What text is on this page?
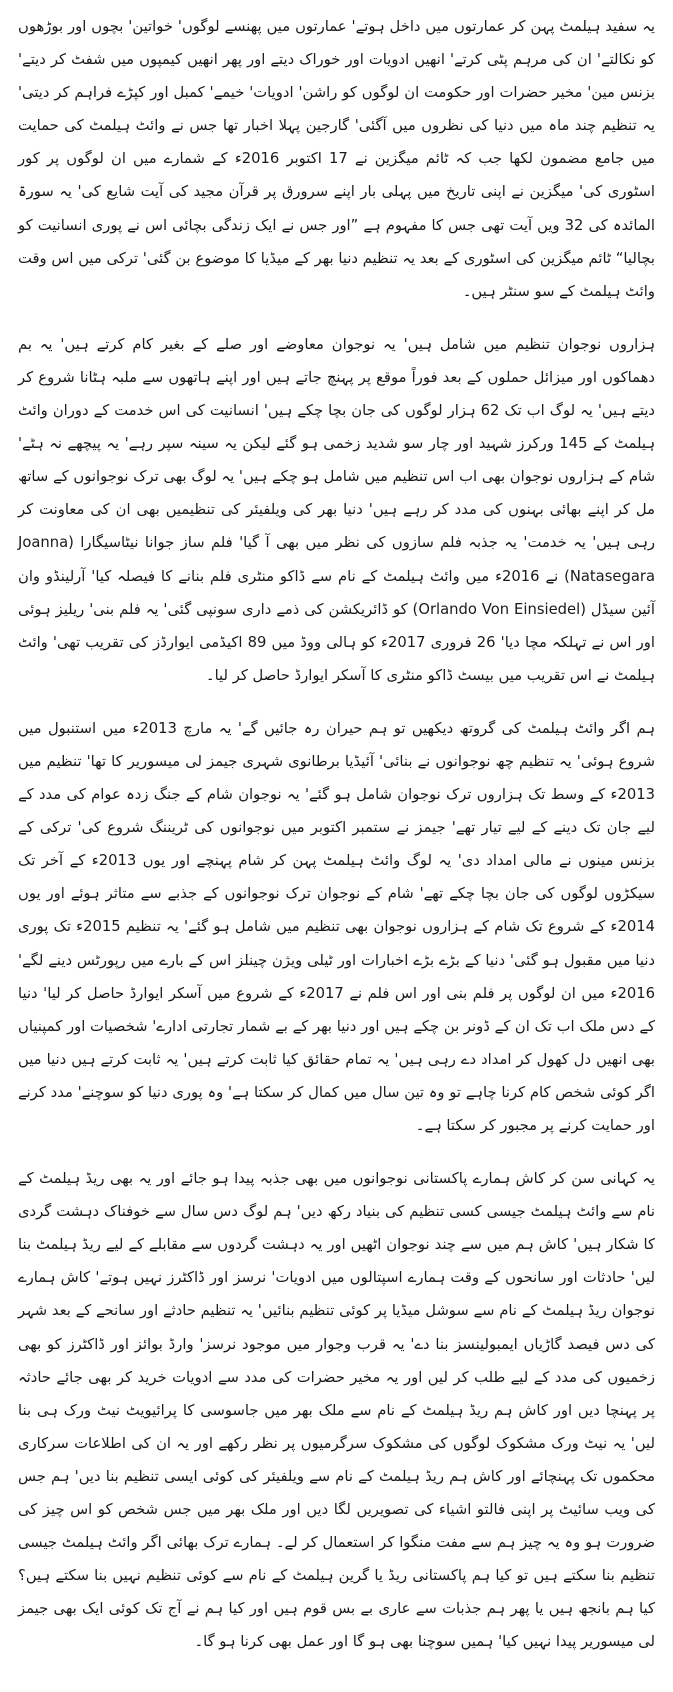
یہ سفید ہیلمٹ پہن کر عمارتوں میں داخل ہوتے' عمارتوں میں پھنسے لوگوں' خواتین' بچوں اور بوڑھوں کو نکالتے' ان کی مرہم پٹی کرتے' انھیں ادویات اور خوراک دیتے اور پھر انھیں کیمپوں میں شفٹ کر دیتے' بزنس مین' مخیر حضرات اور حکومت ان لوگوں کو راشن' ادویات' خیمے' کمبل اور کپڑے فراہم کر دیتی' یہ تنظیم چند ماہ میں دنیا کی نظروں میں آگئی' گارجین پہلا اخبار تھا جس نے وائٹ ہیلمٹ کی حمایت میں جامع مضمون لکھا جب کہ ٹائم میگزین نے 17 اکتوبر 2016ء کے شمارے میں ان لوگوں پر کور اسٹوری کی' میگزین نے اپنی تاریخ میں پہلی بار اپنے سرورق پر قرآن مجید کی آیت شایع کی' یہ سورۃ المائدہ کی 32 ویں آیت تھی جس کا مفہوم ہے ”اور جس نے ایک زندگی بچائی اس نے پوری انسانیت کو بچالیا“ ٹائم میگزین کی اسٹوری کے بعد یہ تنظیم دنیا بھر کے میڈیا کا موضوع بن گئی' ترکی میں اس وقت وائٹ ہیلمٹ کے سو سنٹر ہیں۔

ہزاروں نوجوان تنظیم میں شامل ہیں' یہ نوجوان معاوضے اور صلے کے بغیر کام کرتے ہیں' یہ بم دھماکوں اور میزائل حملوں کے بعد فوراً موقع پر پہنچ جاتے ہیں اور اپنے ہاتھوں سے ملبہ ہٹانا شروع کر دیتے ہیں' یہ لوگ اب تک 62 ہزار لوگوں کی جان بچا چکے ہیں' انسانیت کی اس خدمت کے دوران وائٹ ہیلمٹ کے 145 ورکرز شہید اور چار سو شدید زخمی ہو گئے لیکن یہ سینہ سپر رہے' یہ پیچھے نہ ہٹے' شام کے ہزاروں نوجوان بھی اب اس تنظیم میں شامل ہو چکے ہیں' یہ لوگ بھی ترک نوجوانوں کے ساتھ مل کر اپنے بھائی بہنوں کی مدد کر رہے ہیں' دنیا بھر کی ویلفیئر کی تنظیمیں بھی ان کی معاونت کر رہی ہیں' یہ خدمت' یہ جذبہ فلم سازوں کی نظر میں بھی آ گیا' فلم ساز جوانا نیٹاسیگارا (Joanna Natasegara) نے 2016ء میں وائٹ ہیلمٹ کے نام سے ڈاکو منٹری فلم بنانے کا فیصلہ کیا' آرلینڈو وان آئین سیڈل (Orlando Von Einsiedel) کو ڈائریکشن کی ذمے داری سونپی گئی' یہ فلم بنی' ریلیز ہوئی اور اس نے تہلکہ مچا دیا' 26 فروری 2017ء کو ہالی ووڈ میں 89 اکیڈمی ایوارڈز کی تقریب تھی' وائٹ ہیلمٹ نے اس تقریب میں بیسٹ ڈاکو منٹری کا آسکر ایوارڈ حاصل کر لیا۔

ہم اگر وائٹ ہیلمٹ کی گروتھ دیکھیں تو ہم حیران رہ جائیں گے' یہ مارچ 2013ء میں استنبول میں شروع ہوئی' یہ تنظیم چھ نوجوانوں نے بنائی' آئیڈیا برطانوی شہری جیمز لی میسوریر کا تھا' تنظیم میں 2013ء کے وسط تک ہزاروں ترک نوجوان شامل ہو گئے' یہ نوجوان شام کے جنگ زدہ عوام کی مدد کے لیے جان تک دینے کے لیے تیار تھے' جیمز نے ستمبر اکتوبر میں نوجوانوں کی ٹریننگ شروع کی' ترکی کے بزنس مینوں نے مالی امداد دی' یہ لوگ وائٹ ہیلمٹ پہن کر شام پہنچے اور یوں 2013ء کے آخر تک سیکڑوں لوگوں کی جان بچا چکے تھے' شام کے نوجوان ترک نوجوانوں کے جذبے سے متاثر ہوئے اور یوں 2014ء کے شروع تک شام کے ہزاروں نوجوان بھی تنظیم میں شامل ہو گئے' یہ تنظیم 2015ء تک پوری دنیا میں مقبول ہو گئی' دنیا کے بڑے بڑے اخبارات اور ٹیلی ویژن چینلز اس کے بارے میں رپورٹس دینے لگے' 2016ء میں ان لوگوں پر فلم بنی اور اس فلم نے 2017ء کے شروع میں آسکر ایوارڈ حاصل کر لیا' دنیا کے دس ملک اب تک ان کے ڈونر بن چکے ہیں اور دنیا بھر کے بے شمار تجارتی ادارے' شخصیات اور کمپنیاں بھی انھیں دل کھول کر امداد دے رہی ہیں' یہ تمام حقائق کیا ثابت کرتے ہیں' یہ ثابت کرتے ہیں دنیا میں اگر کوئی شخص کام کرنا چاہے تو وہ تین سال میں کمال کر سکتا ہے' وہ پوری دنیا کو سوچنے' مدد کرنے اور حمایت کرنے پر مجبور کر سکتا ہے۔

یہ کہانی سن کر کاش ہمارے پاکستانی نوجوانوں میں بھی جذبہ پیدا ہو جائے اور یہ بھی ریڈ ہیلمٹ کے نام سے وائٹ ہیلمٹ جیسی کسی تنظیم کی بنیاد رکھ دیں' ہم لوگ دس سال سے خوفناک دہشت گردی کا شکار ہیں' کاش ہم میں سے چند نوجوان اٹھیں اور یہ دہشت گردوں سے مقابلے کے لیے ریڈ ہیلمٹ بنا لیں' حادثات اور سانحوں کے وقت ہمارے اسپتالوں میں ادویات' نرسز اور ڈاکٹرز نہیں ہوتے' کاش ہمارے نوجوان ریڈ ہیلمٹ کے نام سے سوشل میڈیا پر کوئی تنظیم بنائیں' یہ تنظیم حادثے اور سانحے کے بعد شہر کی دس فیصد گاڑیاں ایمبولینسز بنا دے' یہ قرب وجوار میں موجود نرسز' وارڈ بوائز اور ڈاکٹرز کو بھی زخمیوں کی مدد کے لیے طلب کر لیں اور یہ مخیر حضرات کی مدد سے ادویات خرید کر بھی جائے حادثہ پر پہنچا دیں اور کاش ہم ریڈ ہیلمٹ کے نام سے ملک بھر میں جاسوسی کا پرائیویٹ نیٹ ورک ہی بنا لیں' یہ نیٹ ورک مشکوک لوگوں کی مشکوک سرگرمیوں پر نظر رکھے اور یہ ان کی اطلاعات سرکاری محکموں تک پہنچائے اور کاش ہم ریڈ ہیلمٹ کے نام سے ویلفیئر کی کوئی ایسی تنظیم بنا دیں' ہم جس کی ویب سائیٹ پر اپنی فالتو اشیاء کی تصویریں لگا دیں اور ملک بھر میں جس شخص کو اس چیز کی ضرورت ہو وہ یہ چیز ہم سے مفت منگوا کر استعمال کر لے۔ ہمارے ترک بھائی اگر وائٹ ہیلمٹ جیسی تنظیم بنا سکتے ہیں تو کیا ہم پاکستانی ریڈ یا گرین ہیلمٹ کے نام سے کوئی تنظیم نہیں بنا سکتے ہیں؟ کیا ہم بانجھ ہیں یا پھر ہم جذبات سے عاری بے بس قوم ہیں اور کیا ہم نے آج تک کوئی ایک بھی جیمز لی میسوریر پیدا نہیں کیا' ہمیں سوچنا بھی ہو گا اور عمل بھی کرنا ہو گا۔
